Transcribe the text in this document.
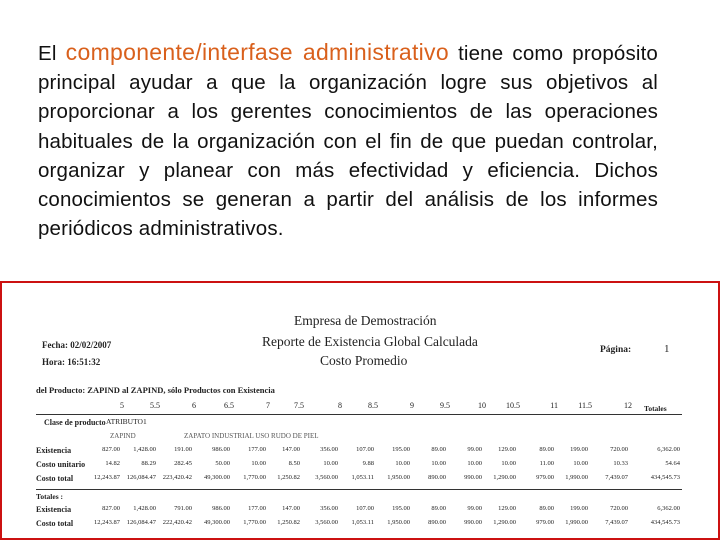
El componente/interfase administrativo tiene como propósito principal ayudar a que la organización logre sus objetivos al proporcionar a los gerentes conocimientos de las operaciones habituales de la organización con el fin de que puedan controlar, organizar y planear con más efectividad y eficiencia. Dichos conocimientos se generan a partir del análisis de los informes periódicos administrativos.
Empresa de Demostración
Reporte de Existencia Global Calculada
Costo Promedio
Fecha: 02/02/2007
Hora: 16:51:32
Página:	1
del Producto: ZAPIND al ZAPIND, sólo Productos con Existencia
5	5.5	6	6.5	7	7.5	8	8.5	9	9.5	10	10.5	11	11.5	12 Totales
Clase de producto ATRIBUTO1
ZAPIND	ZAPATO INDUSTRIAL USO RUDO DE PIEL
Existencia	827.00	1,428.00	191.00	986.00	177.00	147.00	356.00	107.00	195.00	89.00	99.00	129.00	89.00	199.00	720.00	6,362.00
Costo unitario	14.82	88.29	282.45	50.00	10.00	8.50	10.00	9.88	10.00	10.00	10.00	10.00	11.00	10.00	10.33	54.64
Costo total	12,243.87	126,084.47	223,420.42	49,300.00	1,770.00	1,250.82	3,560.00	1,053.11	1,950.00	890.00	990.00	1,290.00	979.00	1,990.00	7,439.07	434,545.73
Totales :
Existencia	827.00	1,428.00	791.00	986.00	177.00	147.00	356.00	107.00	195.00	89.00	99.00	129.00	89.00	199.00	720.00	6,362.00
Costo total	12,243.87	126,084.47	222,420.42	49,300.00	1,770.00	1,250.82	3,560.00	1,053.11	1,950.00	890.00	990.00	1,290.00	979.00	1,990.00	7,439.07	434,545.73
